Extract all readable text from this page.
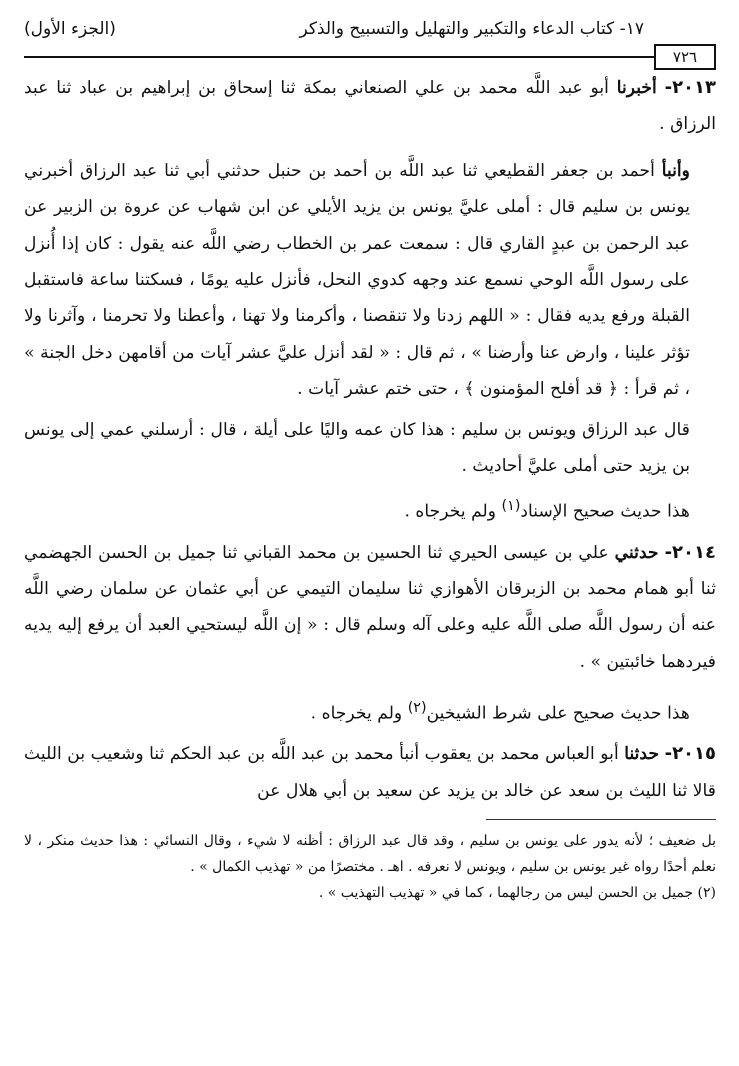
١٧- كتاب الدعاء والتكبير والتهليل والتسبيح والذكر
(الجزء الأول)
٧٢٦

٢٠١٣- أخبرنا أبو عبد اللَّه محمد بن علي الصنعاني بمكة ثنا إسحاق بن إبراهيم بن عباد ثنا عبد الرزاق .

وأنبأ أحمد بن جعفر القطيعي ثنا عبد اللَّه بن أحمد بن حنبل حدثني أبي ثنا عبد الرزاق أخبرني يونس بن سليم قال : أملى عليَّ يونس بن يزيد الأيلي عن ابن شهاب عن عروة بن الزبير عن عبد الرحمن بن عبدٍ القاري قال : سمعت عمر بن الخطاب رضي اللَّه عنه يقول : كان إذا أُنزل على رسول اللَّه الوحي نسمع عند وجهه كدوي النحل، فأنزل عليه يومًا ، فسكتنا ساعة فاستقبل القبلة ورفع يديه فقال : « اللهم زدنا ولا تنقصنا ، وأكرمنا ولا تهنا ، وأعطنا ولا تحرمنا ، وآثرنا ولا تؤثر علينا ، وارض عنا وأرضنا » ، ثم قال : « لقد أنزل عليَّ عشر آيات من أقامهن دخل الجنة » ، ثم قرأ : ﴿ قد أفلح المؤمنون ﴾ ، حتى ختم عشر آيات .

قال عبد الرزاق ويونس بن سليم : هذا كان عمه واليًا على أيلة ، قال : أرسلني عمي إلى يونس بن يزيد حتى أملى عليَّ أحاديث .

هذا حديث صحيح الإسناد$^{(١)}$ ولم يخرجاه .

٢٠١٤- حدثني علي بن عيسى الحيري ثنا الحسين بن محمد القباني ثنا جميل بن الحسن الجهضمي ثنا أبو همام محمد بن الزبرقان الأهوازي ثنا سليمان التيمي عن أبي عثمان عن سلمان رضي اللَّه عنه أن رسول اللَّه صلى اللَّه عليه وعلى آله وسلم قال : « إن اللَّه ليستحيي العبد أن يرفع إليه يديه فيردهما خائبتين » .

هذا حديث صحيح على شرط الشيخين$^{(٢)}$ ولم يخرجاه .

٢٠١٥- حدثنا أبو العباس محمد بن يعقوب أنبأ محمد بن عبد اللَّه بن عبد الحكم ثنا وشعيب بن الليث قالا ثنا الليث بن سعد عن خالد بن يزيد عن سعيد بن أبي هلال عن

بل ضعيف ؛ لأنه يدور على يونس بن سليم ، وقد قال عبد الرزاق : أظنه لا شيء ، وقال النسائي : هذا حديث منكر ، لا نعلم أحدًا رواه غير يونس بن سليم ، ويونس لا نعرفه . اهـ . مختصرًا من « تهذيب الكمال » .

(٢) جميل بن الحسن ليس من رجالهما ، كما في « تهذيب التهذيب » .
